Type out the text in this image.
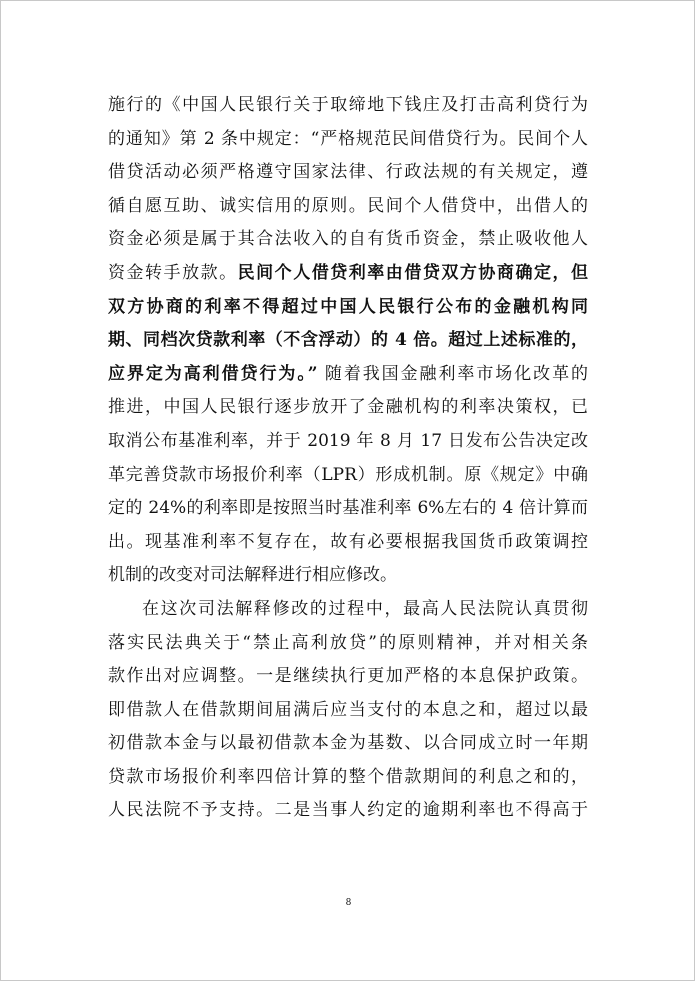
施行的《中国人民银行关于取缔地下钱庄及打击高利贷行为
的通知》第 2 条中规定：“严格规范民间借贷行为。民间个人
借贷活动必须严格遵守国家法律、行政法规的有关规定，遵
循自愿互助、诚实信用的原则。民间个人借贷中，出借人的
资金必须是属于其合法收入的自有货币资金，禁止吸收他人
资金转手放款。民间个人借贷利率由借贷双方协商确定，但
双方协商的利率不得超过中国人民银行公布的金融机构同
期、同档次贷款利率（不含浮动）的 4 倍。超过上述标准的，
应界定为高利借贷行为。” 随着我国金融利率市场化改革的
推进，中国人民银行逐步放开了金融机构的利率决策权，已
取消公布基准利率，并于 2019 年 8 月 17 日发布公告决定改
革完善贷款市场报价利率（LPR）形成机制。原《规定》中确
定的 24%的利率即是按照当时基准利率 6%左右的 4 倍计算而
出。现基准利率不复存在，故有必要根据我国货币政策调控
机制的改变对司法解释进行相应修改。
在这次司法解释修改的过程中，最高人民法院认真贯彻
落实民法典关于“禁止高利放贷”的原则精神，并对相关条
款作出对应调整。一是继续执行更加严格的本息保护政策。
即借款人在借款期间届满后应当支付的本息之和，超过以最
初借款本金与以最初借款本金为基数、以合同成立时一年期
贷款市场报价利率四倍计算的整个借款期间的利息之和的，
人民法院不予支持。二是当事人约定的逾期利率也不得高于
8
